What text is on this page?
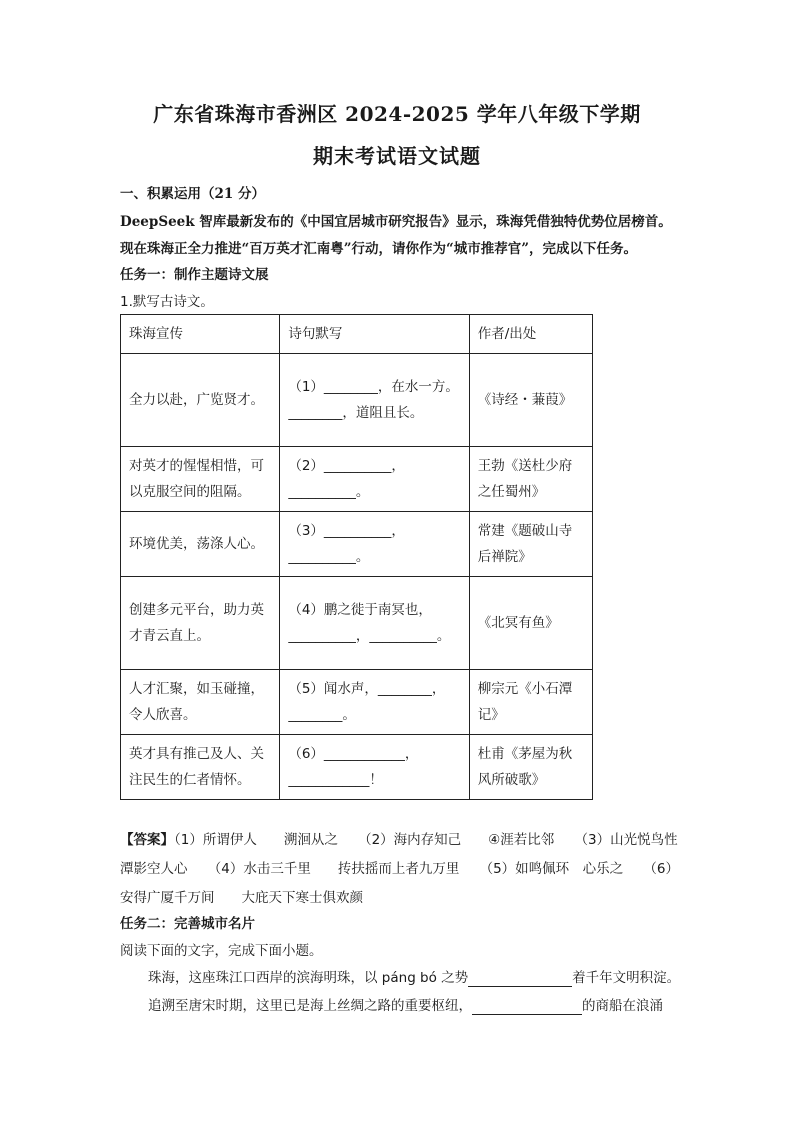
广东省珠海市香洲区 2024-2025 学年八年级下学期
期末考试语文试题
一、积累运用（21 分）
DeepSeek 智库最新发布的《中国宜居城市研究报告》显示，珠海凭借独特优势位居榜首。
现在珠海正全力推进“百万英才汇南粤”行动，请你作为“城市推荐官”，完成以下任务。
任务一：制作主题诗文展
1.默写古诗文。
珠海宣传	诗句默写	作者/出处
全力以赴，广览贤才。	（1）________，在水一方。________，道阻且长。	《诗经・蒹葭》
对英才的惺惺相惜，可以克服空间的阻隔。	（2）__________，__________。	王勃《送杜少府之任蜀州》
环境优美，荡涤人心。	（3）__________，__________。	常建《题破山寺后禅院》
创建多元平台，助力英才青云直上。	（4）鹏之徙于南冥也，__________，__________。	《北冥有鱼》
人才汇聚，如玉碰撞，令人欣喜。	（5）闻水声，________，________。	柳宗元《小石潭记》
英才具有推己及人、关注民生的仁者情怀。	（6）____________，____________！	杜甫《茅屋为秋风所破歌》
【答案】（1）所谓伊人　　溯洄从之　　（2）海内存知己　　④涯若比邻　　（3）山光悦鸟性　　潭影空人心　　（4）水击三千里　　抟扶摇而上者九万里　　（5）如鸣佩环　心乐之　　（6）安得广厦千万间　　大庇天下寒士俱欢颜
任务二：完善城市名片
阅读下面的文字，完成下面小题。
珠海，这座珠江口西岸的滨海明珠，以 páng bó 之势	着千年文明积淀。
追溯至唐宋时期，这里已是海上丝绸之路的重要枢纽，	的商船在浪涌
